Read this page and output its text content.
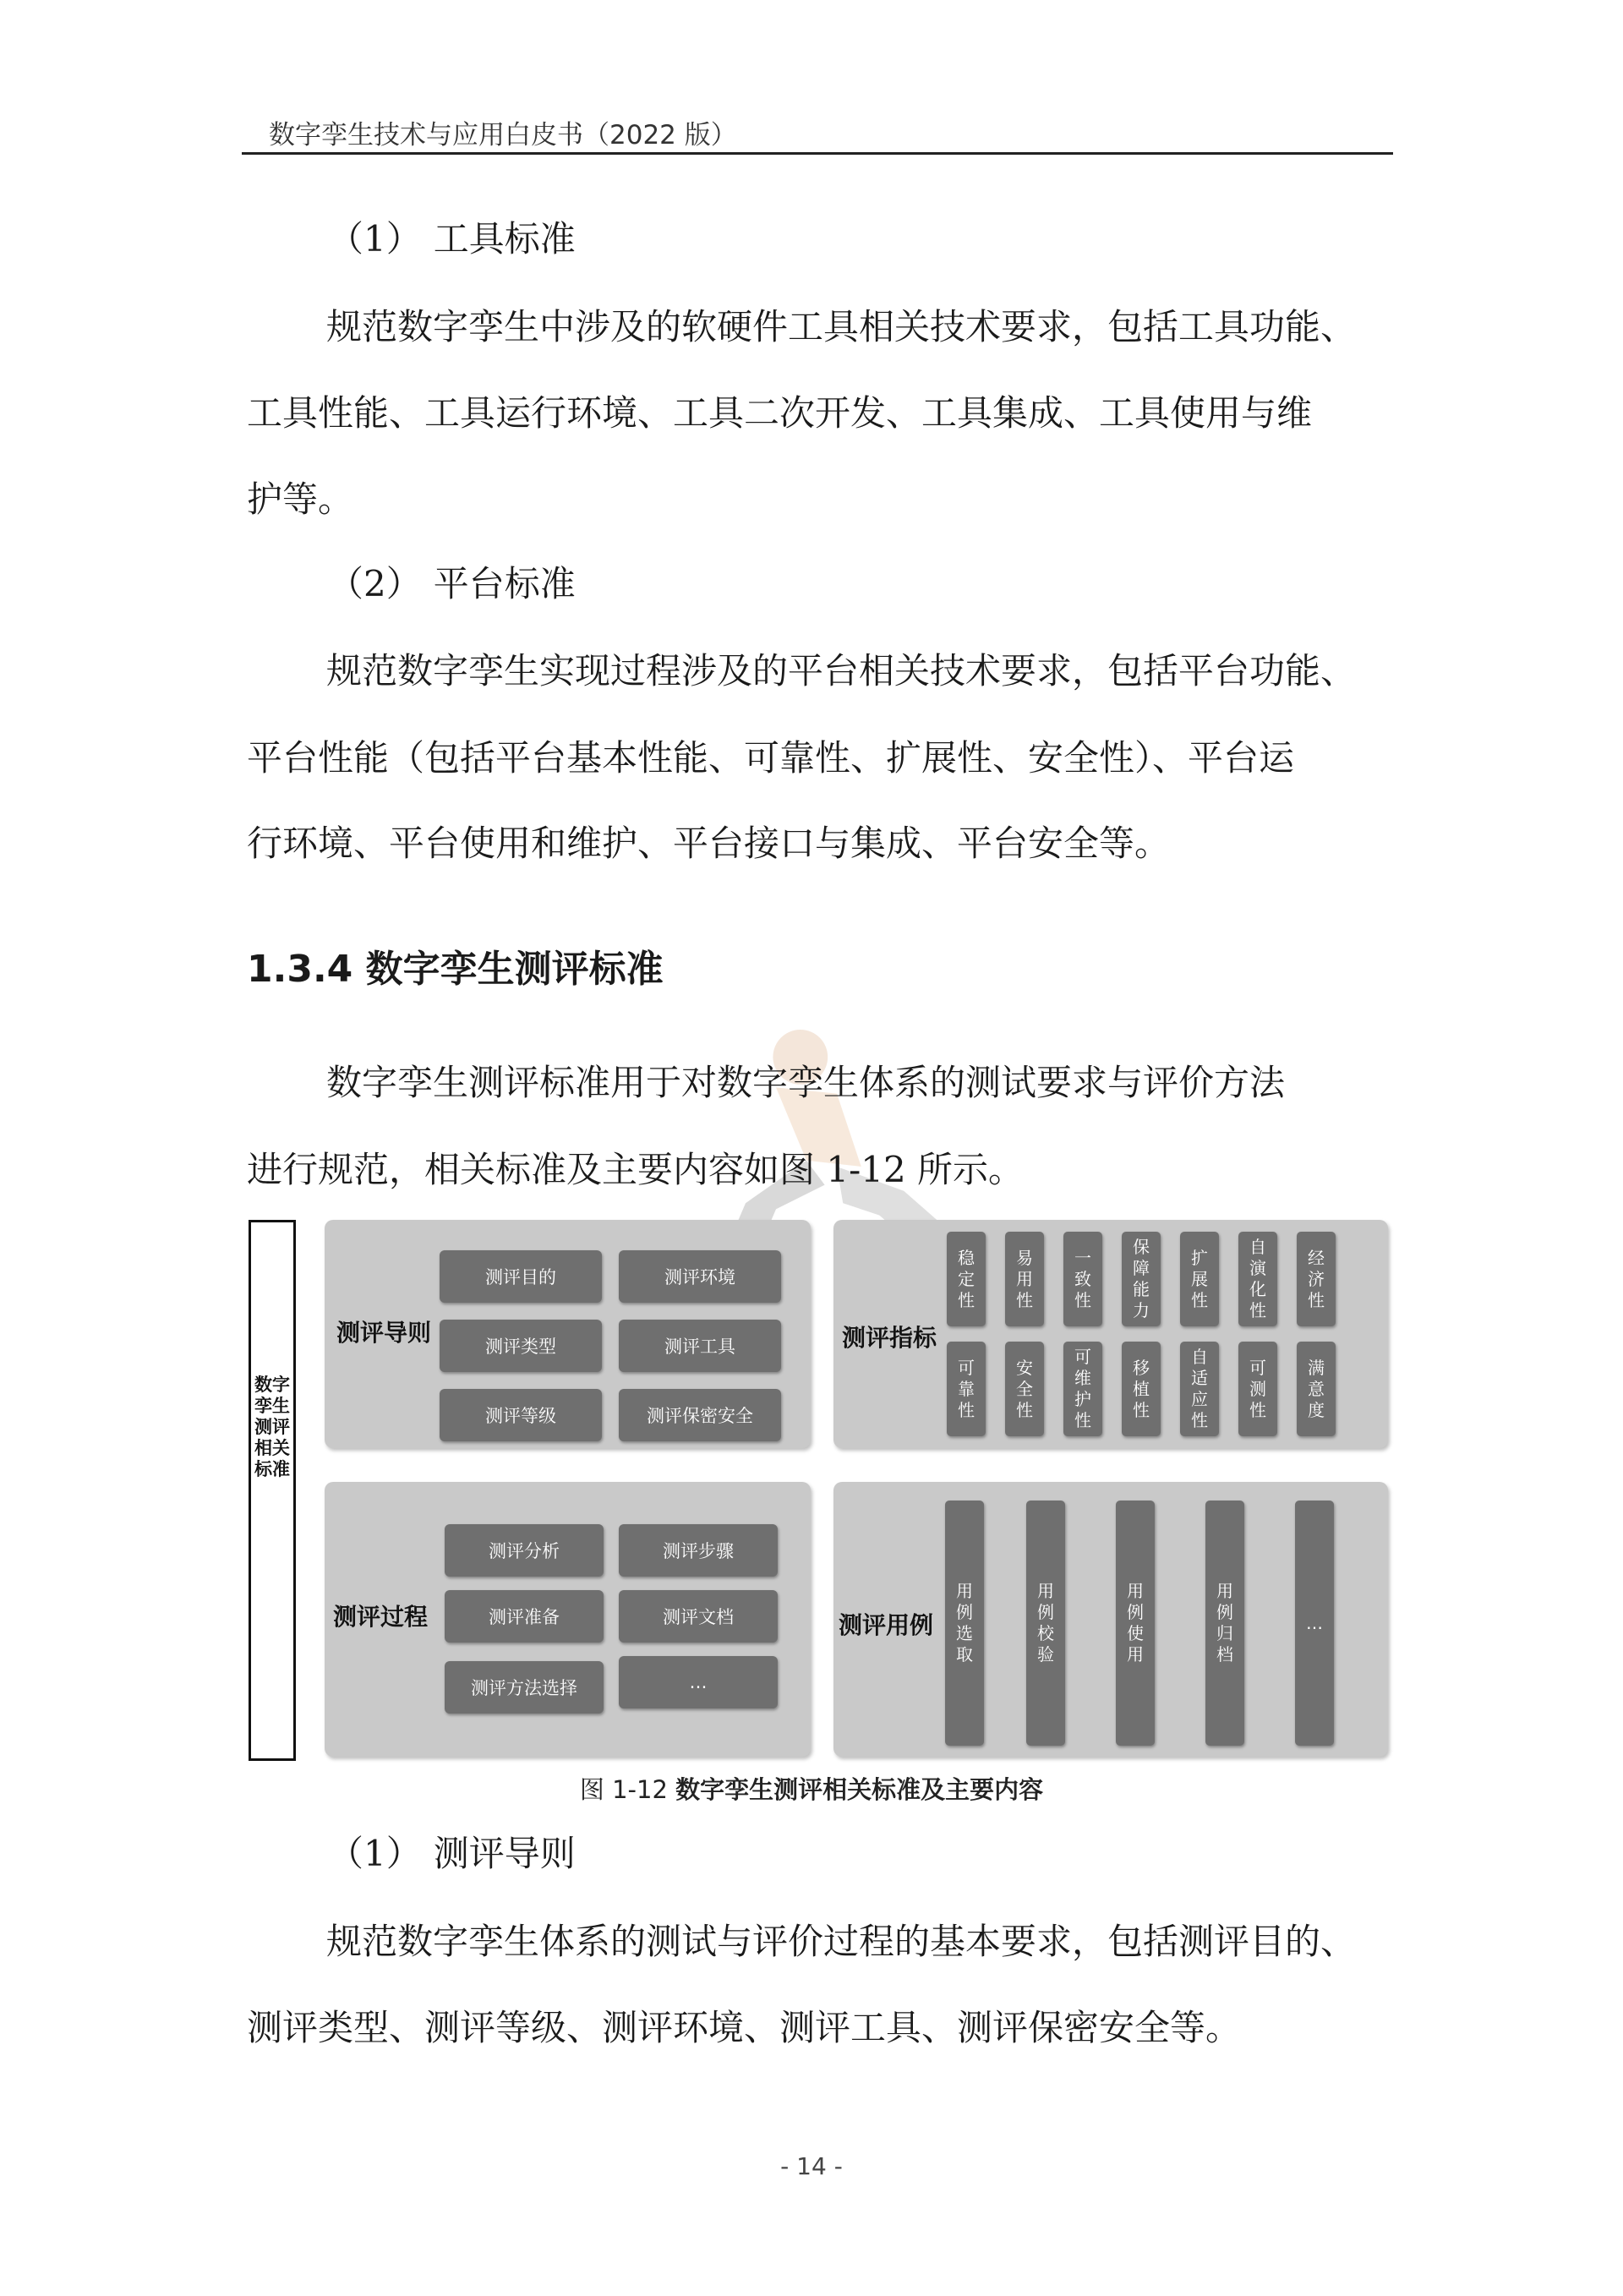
数字孪生技术与应用白皮书（2022 版）
（1） 工具标准
规范数字孪生中涉及的软硬件工具相关技术要求，包括工具功能、
工具性能、工具运行环境、工具二次开发、工具集成、工具使用与维
护等。
（2） 平台标准
规范数字孪生实现过程涉及的平台相关技术要求，包括平台功能、
平台性能（包括平台基本性能、可靠性、扩展性、安全性）、平台运
行环境、平台使用和维护、平台接口与集成、平台安全等。
1.3.4 数字孪生测评标准
数字孪生测评标准用于对数字孪生体系的测试要求与评价方法
进行规范，相关标准及主要内容如图 1-12 所示。
数字孪生测评相关标准
测评导则
测评目的	测评环境
测评类型	测评工具
测评等级	测评保密安全
测评指标
稳定性
易用性
一致性
保障能力
扩展性
自演化性
经济性
可靠性
安全性
可维护性
移植性
自适应性
可测性
满意度
测评过程
测评分析	测评步骤
测评准备	测评文档
测评方法选择	…
测评用例
用例选取
用例校验
用例使用
用例归档
…
图 1-12 数字孪生测评相关标准及主要内容
（1） 测评导则
规范数字孪生体系的测试与评价过程的基本要求，包括测评目的、
测评类型、测评等级、测评环境、测评工具、测评保密安全等。
- 14 -
